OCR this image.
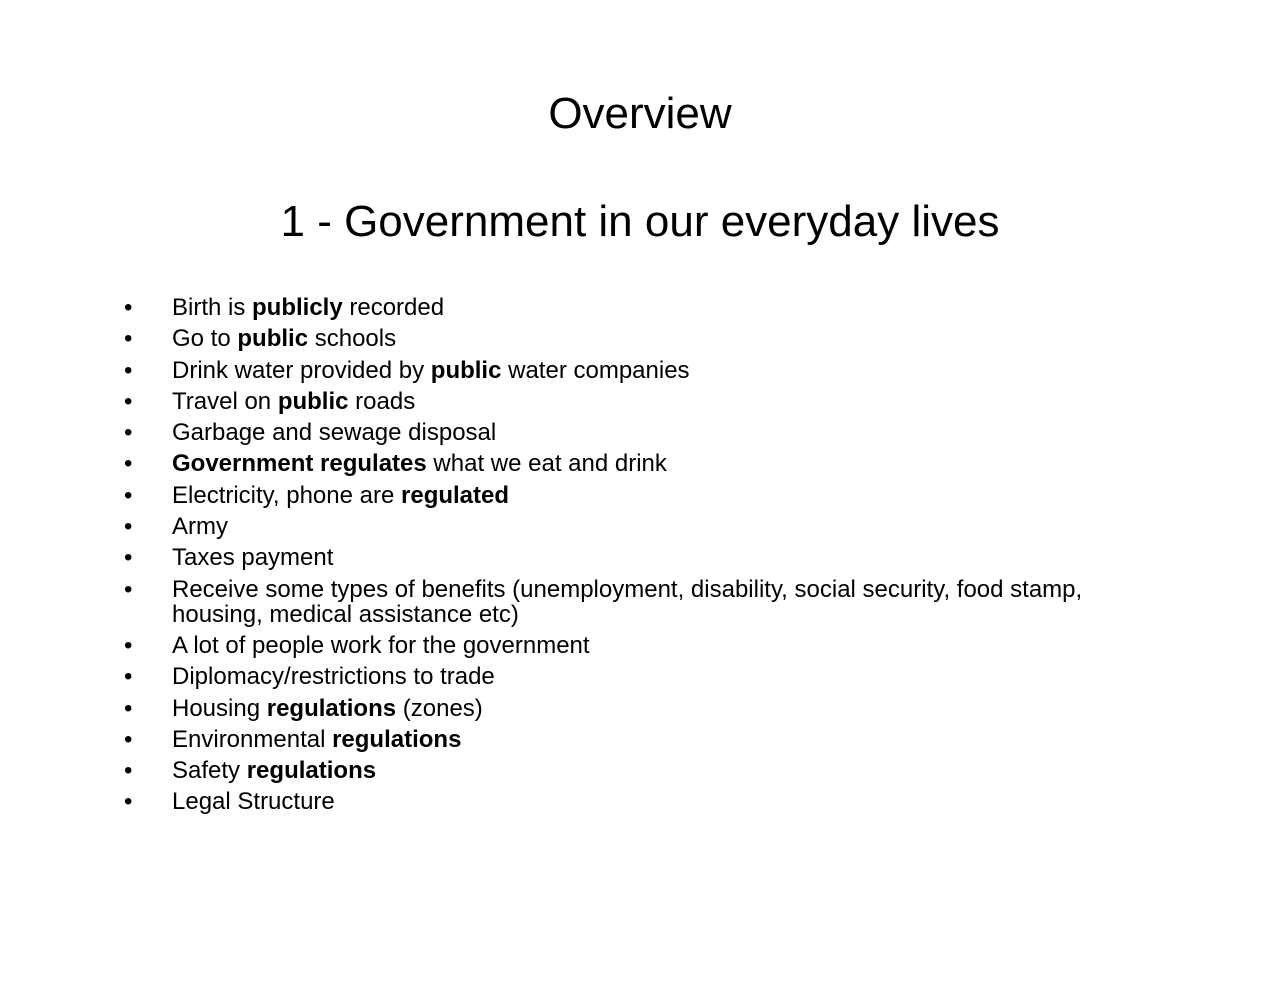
Overview
1 - Government in our everyday lives
• Birth is publicly recorded
• Go to public schools
• Drink water provided by public water companies
• Travel on public roads
• Garbage and sewage disposal
• Government regulates what we eat and drink
• Electricity, phone are regulated
• Army
• Taxes payment
• Receive some types of benefits (unemployment, disability, social security, food stamp, housing, medical assistance etc)
• A lot of people work for the government
• Diplomacy/restrictions to trade
• Housing regulations (zones)
• Environmental regulations
• Safety regulations
• Legal Structure
